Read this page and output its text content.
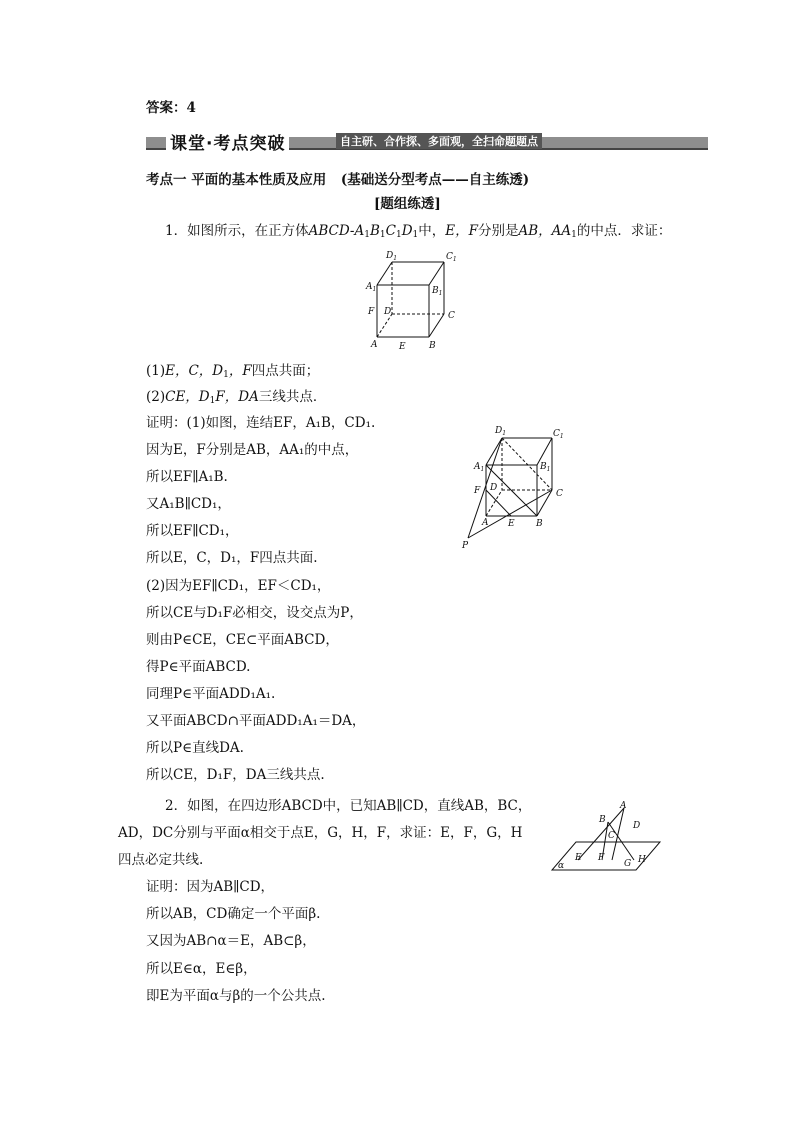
答案：4
课堂·考点突破	自主研、合作探、多面观，全扫命题题点
考点一 平面的基本性质及应用 (基础送分型考点——自主练透)
[题组练透]
1．如图所示，在正方体ABCD-$A_1B_1C_1D_1$中，E，F分别是AB，$AA_1$的中点．求证：
$D_1$	$C_1$
$A_1$	$B_1$
F D	C
A E	B
(1)E，C，$D_1$，F四点共面；
(2)CE，$D_1F$，DA三线共点．
证明：(1)如图，连结EF，A₁B，CD₁.
因为E，F分别是AB，AA₁的中点，
所以EF∥A₁B.
又A₁B∥CD₁，
所以EF∥CD₁，
所以E，C，D₁，F四点共面.
(2)因为EF∥CD₁，EF＜CD₁，
所以CE与D₁F必相交，设交点为P，
则由P∈CE，CE⊂平面ABCD，
得P∈平面ABCD.
同理P∈平面ADD₁A₁.
又平面ABCD∩平面ADD₁A₁＝DA，
所以P∈直线DA.
所以CE，D₁F，DA三线共点.
$D_1$	$C_1$
$A_1$	$B_1$
F D
C
A E B
P
2．如图，在四边形ABCD中，已知AB∥CD，直线AB，BC，
AD，DC分别与平面α相交于点E，G，H，F，求证：E，F，G，H
四点必定共线.
A
B
D
C
E F
G H
α
证明：因为AB∥CD，
所以AB，CD确定一个平面β.
又因为AB∩α＝E，AB⊂β，
所以E∈α，E∈β，
即E为平面α与β的一个公共点.
